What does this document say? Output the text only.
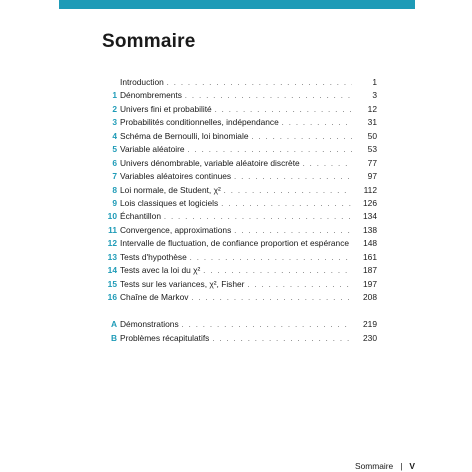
Sommaire
Introduction . . .	1
1 Dénombrements . . .	3
2 Univers fini et probabilité . . .	12
3 Probabilités conditionnelles, indépendance . . .	31
4 Schéma de Bernoulli, loi binomiale . . .	50
5 Variable aléatoire . . .	53
6 Univers dénombrable, variable aléatoire discrète . . .	77
7 Variables aléatoires continues . . .	97
8 Loi normale, de Student, χ² . . .	112
9 Lois classiques et logiciels . . .	126
10 Échantillon . . .	134
11 Convergence, approximations . . .	138
12 Intervalle de fluctuation, de confiance proportion et espérance	148
13 Tests d'hypothèse . . .	161
14 Tests avec la loi du χ² . . .	187
15 Tests sur les variances, χ², Fisher . . .	197
16 Chaîne de Markov . . .	208
A Démonstrations . . .	219
B Problèmes récapitulatifs . . .	230
Sommaire | V
